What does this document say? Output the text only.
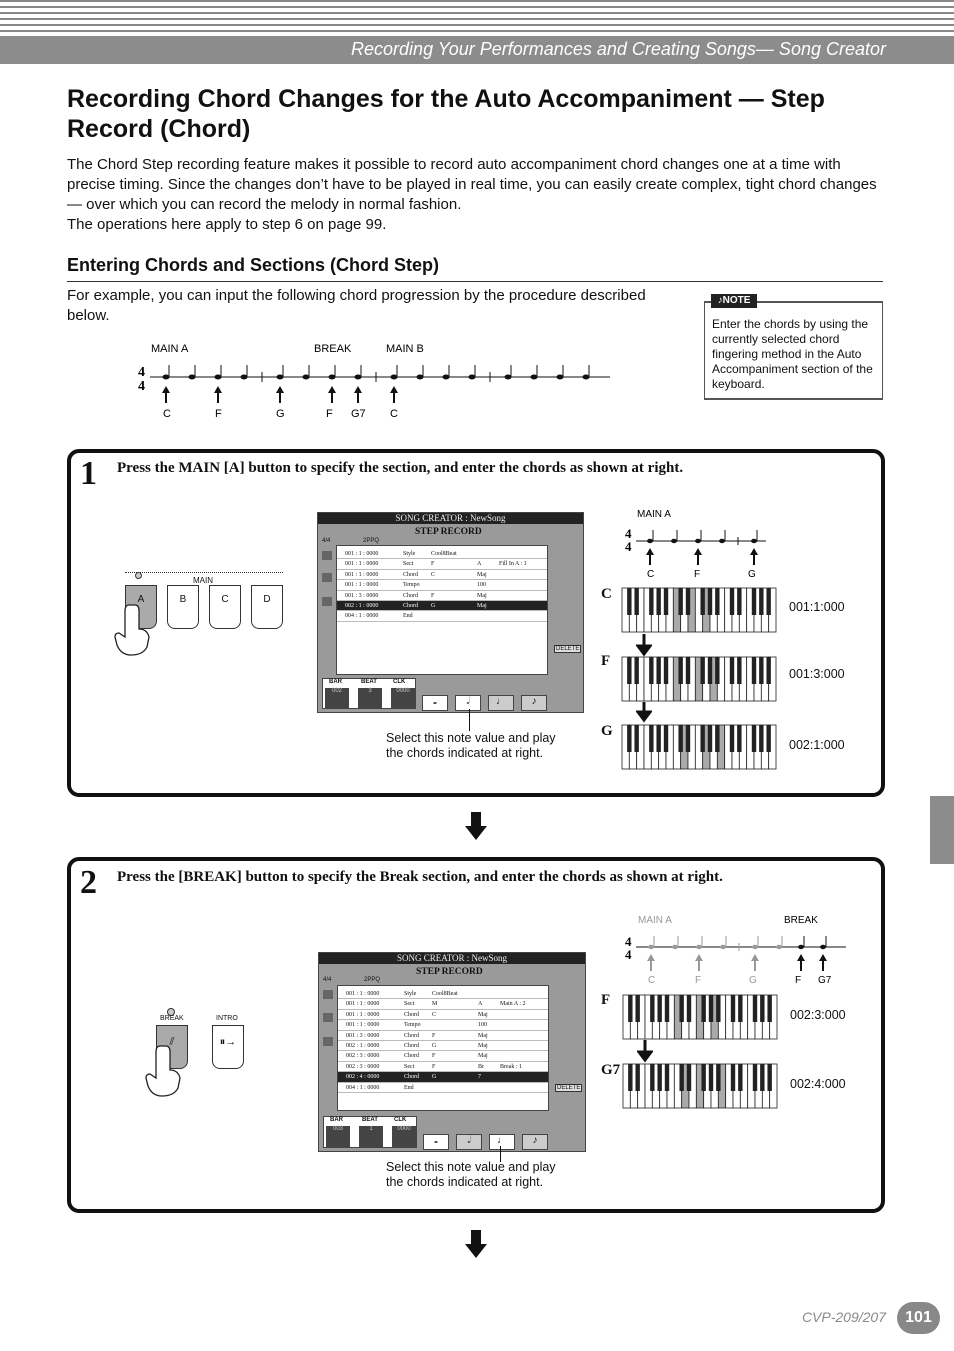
Recording Your Performances and Creating Songs— Song Creator
Recording Chord Changes for the Auto Accompaniment — Step Record (Chord)
The Chord Step recording feature makes it possible to record auto accompaniment chord changes one at a time with precise timing. Since the changes don’t have to be played in real time, you can easily create complex, tight chord changes — over which you can record the melody in normal fashion.
The operations here apply to step 6 on page 99.
Entering Chords and Sections (Chord Step)
For example, you can input the following chord progression by the procedure described below.	Enter the chords by using the currently selected chord fingering method in the Auto Accompaniment section of the keyboard.
♪NOTE
MAIN A	BREAK	MAIN B
4
4
C	F	G	F G7 C
1 Press the MAIN [A] button to specify the section, and enter the chords as shown at right.
MAIN
A	B	C	D
SONG CREATOR : NewSong
STEP RECORD
4/4	2PPQ
001 : 1 : 0000	Style	Cool8Beat
001 : 1 : 0000	Sect	F	A	Fill In A : 1
001 : 1 : 0000	Chord C	Maj
001 : 1 : 0000	Tempo	100
001 : 3 : 0000	Chord F	Maj
002 : 1 : 0000	Chord G	Maj
004 : 1 : 0000	End
DELETE
BAR	BEAT	CLK
002	3	0000
𝅝	𝅗𝅥	♩	♪
Select this note value and play
the chords indicated at right.
MAIN A
4
4
C	F	G
C
001:1:000
F
001:3:000
G
002:1:000
2 Press the [BREAK] button to specify the Break section, and enter the chords as shown at right.
BREAK	INTRO
⫽	⏸→
SONG CREATOR : NewSong
STEP RECORD
4/4	2PPQ
001 : 1 : 0000	Style	Cool8Beat
001 : 1 : 0000	Sect	M	A	Main A : 2
001 : 1 : 0000	Chord C	Maj
001 : 1 : 0000	Tempo	100
001 : 3 : 0000	Chord F	Maj
002 : 1 : 0000	Chord G	Maj
002 : 3 : 0000	Chord F	Maj
002 : 3 : 0000	Sect	F	Br	Break : 1
002 : 4 : 0000	Chord G	7
004 : 1 : 0000	End	DELETE
BAR	BEAT	CLK
003	1	0000
𝅝	𝅗𝅥	♩	♪
Select this note value and play
the chords indicated at right.
MAIN A	BREAK
4
4
C	F	G	F G7
F
002:3:000
G7
002:4:000
CVP-209/207	101
